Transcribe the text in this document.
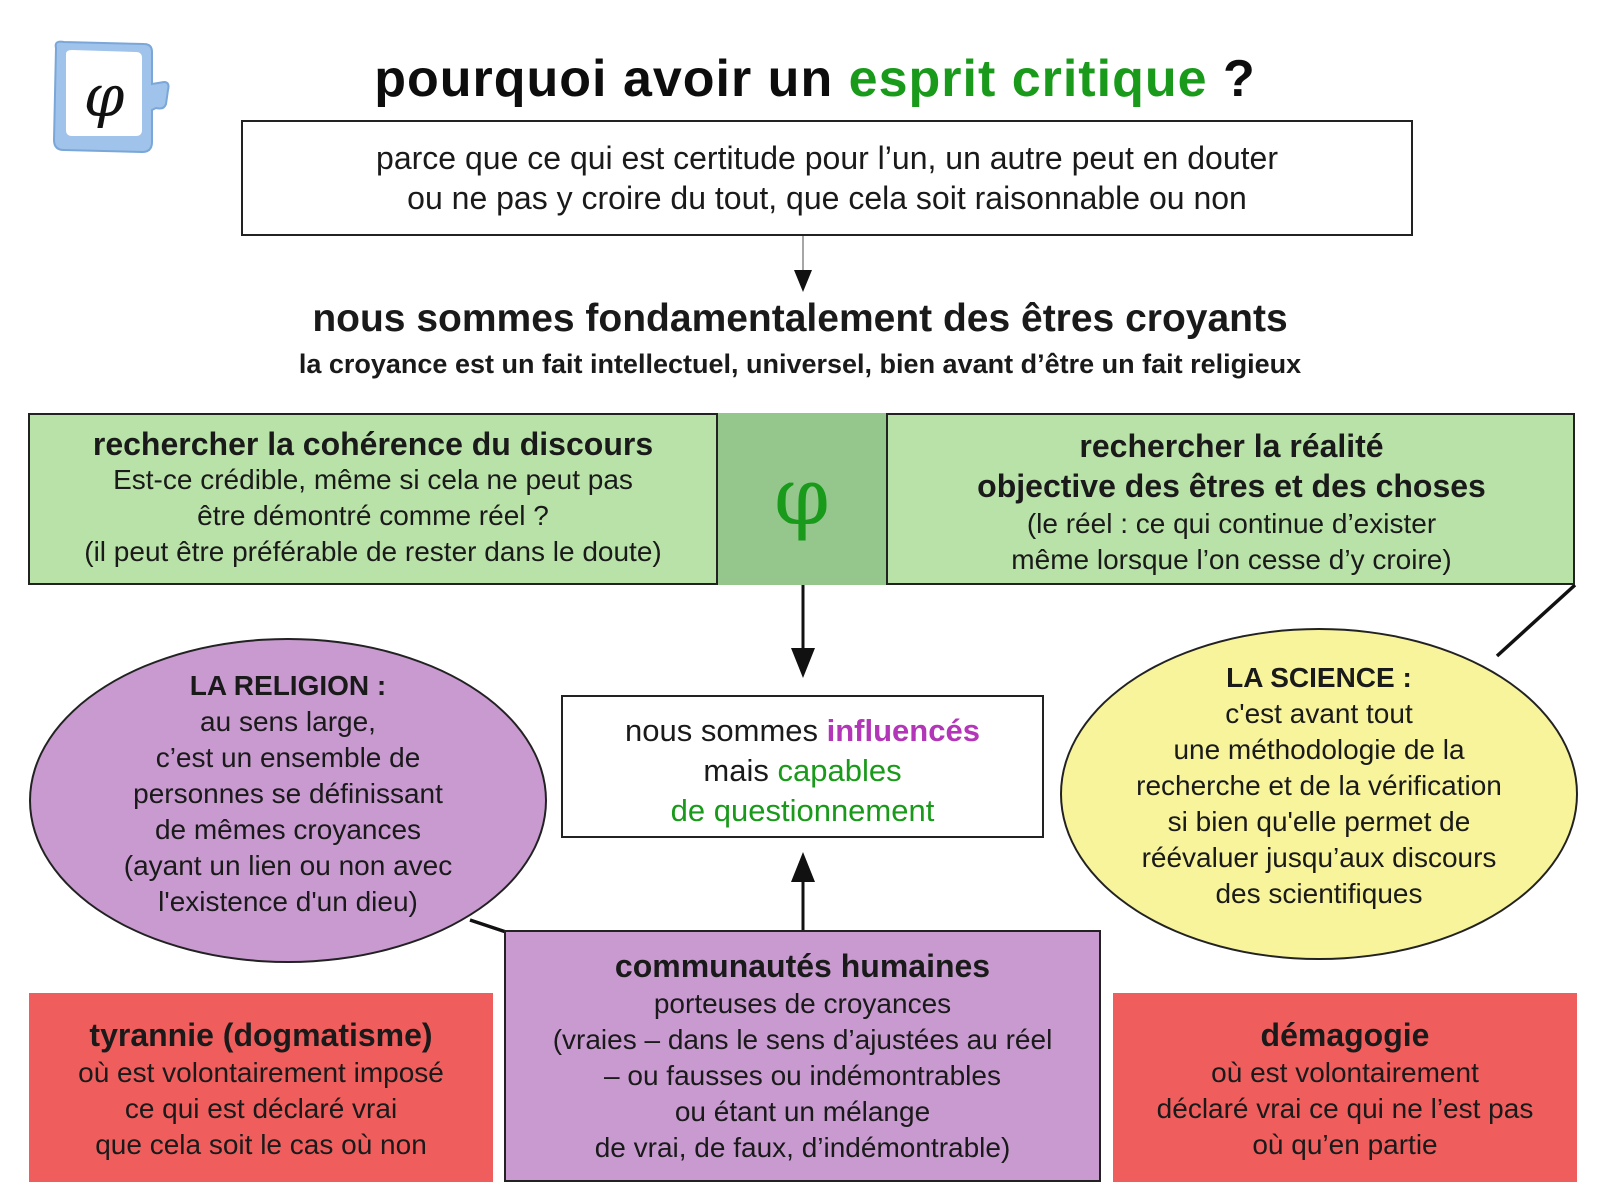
φ	pourquoi avoir un esprit critique ?
parce que ce qui est certitude pour l’un, un autre peut en douter
ou ne pas y croire du tout, que cela soit raisonnable ou non
nous sommes fondamentalement des êtres croyants
la croyance est un fait intellectuel, universel, bien avant d’être un fait religieux
rechercher la cohérence du discours
Est-ce crédible, même si cela ne peut pas
être démontré comme réel ?
(il peut être préférable de rester dans le doute)
φ
rechercher la réalité
objective des êtres et des choses
(le réel : ce qui continue d’exister
même lorsque l’on cesse d’y croire)
LA RELIGION :
au sens large,
c’est un ensemble de
personnes se définissant
de mêmes croyances
(ayant un lien ou non avec
l'existence d'un dieu)
nous sommes influencés
mais capables
de questionnement
LA SCIENCE :
c'est avant tout
une méthodologie de la
recherche et de la vérification
si bien qu'elle permet de
réévaluer jusqu’aux discours
des scientifiques
tyrannie (dogmatisme)
où est volontairement imposé
ce qui est déclaré vrai
que cela soit le cas où non
communautés humaines
porteuses de croyances
(vraies – dans le sens d’ajustées au réel
– ou fausses ou indémontrables
ou étant un mélange
de vrai, de faux, d’indémontrable)
démagogie
où est volontairement
déclaré vrai ce qui ne l’est pas
où qu’en partie
